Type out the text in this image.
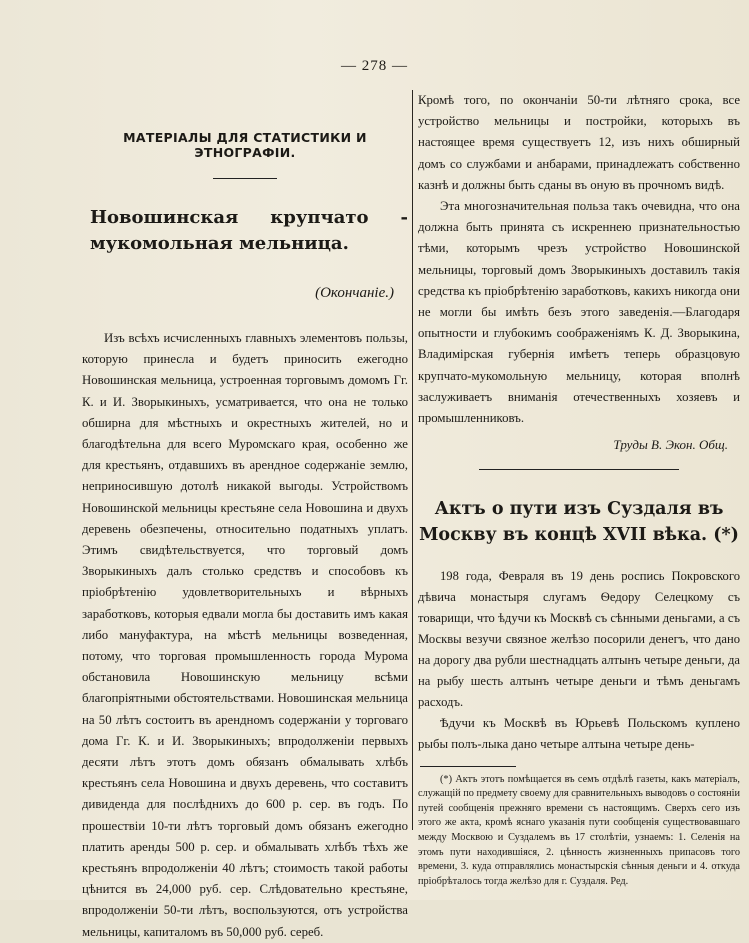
— 278 —
МАТЕРІАЛЫ ДЛЯ СТАТИСТИКИ И ЭТНОГРАФІИ.
Новошинская крупчато - мукомольная мельница.
(Окончаніе.)

Изъ всѣхъ исчисленныхъ главныхъ элементовъ пользы, которую принесла и будетъ приносить ежегодно Новошинская мельница, устроенная торговымъ домомъ Гг. К. и И. Зворыкиныхъ, усматривается, что она не только обширна для мѣстныхъ и окрестныхъ жителей, но и благодѣтельна для всего Муромскаго края, особенно же для крестьянъ, отдавшихъ въ арендное содержаніе землю, неприносившую дотолѣ никакой выгоды. Устройствомъ Новошинской мельницы крестьяне села Новошина и двухъ деревень обезпечены, относительно податныхъ уплатъ. Этимъ свидѣтельствуется, что торговый домъ Зворыкиныхъ далъ столько средствъ и способовъ къ пріобрѣтенію удовлетворительныхъ и вѣрныхъ заработковъ, которыя едвали могла бы доставить имъ какая либо мануфактура, на мѣстѣ мельницы возведенная, потому, что торговая промышленность города Мурома обстановила Новошинскую мельницу всѣми благопріятными обстоятельствами. Новошинская мельница на 50 лѣтъ состоитъ въ арендномъ содержаніи у торговаго дома Гг. К. и И. Зворыкиныхъ; впродолженіи первыхъ десяти лѣтъ этотъ домъ обязанъ обмалывать хлѣбъ крестьянъ села Новошина и двухъ деревень, что составитъ дивиденда для послѣднихъ до 600 р. сер. въ годъ. По прошествіи 10-ти лѣтъ торговый домъ обязанъ ежегодно платить аренды 500 р. сер. и обмалывать хлѣбъ тѣхъ же крестьянъ впродолженіи 40 лѣтъ; стоимость такой работы цѣнится въ 24,000 руб. сер. Слѣдовательно крестьяне, впродолженіи 50-ти лѣтъ, воспользуются, отъ устройства мельницы, капиталомъ въ 50,000 руб. сереб.

Кромѣ того, по окончаніи 50-ти лѣтняго срока, все устройство мельницы и постройки, которыхъ въ настоящее время существуетъ 12, изъ нихъ обширный домъ со службами и анбарами, принадлежатъ собственно казнѣ и должны быть сданы въ оную въ прочномъ видѣ.

Эта многозначительная польза такъ очевидна, что она должна быть принята съ искреннею признательностью тѣми, которымъ чрезъ устройство Новошинской мельницы, торговый домъ Зворыкиныхъ доставилъ такія средства къ пріобрѣтенію заработковъ, какихъ никогда они не могли бы имѣть безъ этого заведенія.—Благодаря опытности и глубокимъ соображеніямъ К. Д. Зворыкина, Владимірская губернія имѣетъ теперь образцовую крупчато-мукомольную мельницу, которая вполнѣ заслуживаетъ вниманія отечественныхъ хозяевъ и промышленниковъ.

Труды В. Экон. Общ.
Актъ о пути изъ Суздаля въ Москву въ концѣ XVII вѣка. (*)

198 года, Февраля въ 19 день роспись Покровского дѣвича монастыря слугамъ Ѳедору Селецкому съ товарищи, что ѣдучи къ Москвѣ съ сѣнными деньгами, а съ Москвы везучи связное желѣзо посорили денегъ, что дано на дорогу два рубли шестнадцать алтынъ четыре деньги, да на рыбу шесть алтынъ четыре деньги и тѣмъ деньгамъ расходъ.

Ѣдучи къ Москвѣ въ Юрьевѣ Польскомъ куплено рыбы полъ-лыка дано четыре алтына четыре день-

(*) Актъ этотъ помѣщается въ семъ отдѣлѣ газеты, какъ матеріалъ, служащій по предмету своему для сравнительныхъ выводовъ о состояніи путей сообщенія прежняго времени съ настоящимъ. Сверхъ сего изъ этого же акта, кромѣ яснаго указанія пути сообщенія существовавшаго между Москвою и Суздалемъ въ 17 столѣтіи, узнаемъ: 1. Селенія на этомъ пути находившіяся, 2. цѣнность жизненныхъ припасовъ того времени, 3. куда отправлялись монастырскія сѣнныя деньги и 4. откуда пріобрѣталось тогда желѣзо для г. Суздаля. Ред.
